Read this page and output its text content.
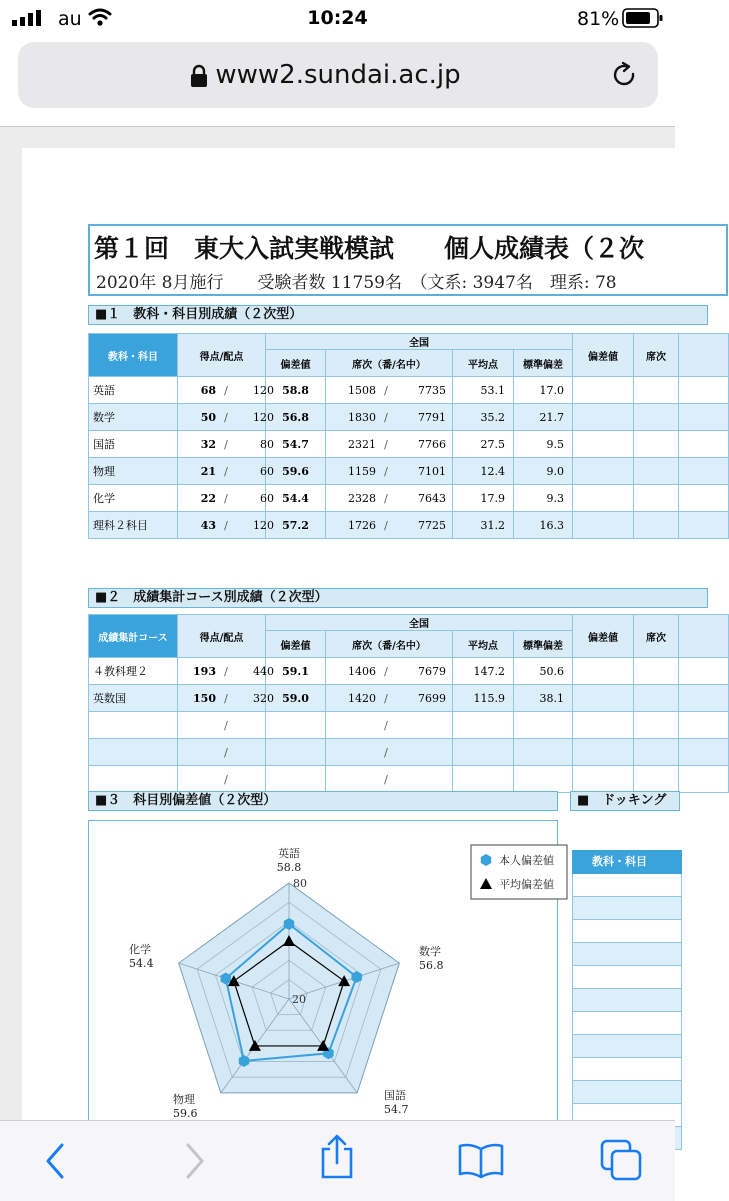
au	10:24	81%
www2.sundai.ac.jp
第１回　東大入試実戦模試　　個人成績表（２次
2020年 8月施行　　受験者数 11759名　（文系: 3947名　理系: 78
■１　教科・科目別成績（２次型）
教科・科目	得点/配点	全国				偏差値	席次	
		偏差値	席次（番/名中）	平均点	標準偏差			
英語	68 / 120	58.8	1508 / 7735	53.1	17.0			
数学	50 / 120	56.8	1830 / 7791	35.2	21.7			
国語	32 / 80	54.7	2321 / 7766	27.5	9.5			
物理	21 / 60	59.6	1159 / 7101	12.4	9.0			
化学	22 / 60	54.4	2328 / 7643	17.9	9.3			
理科２科目	43 / 120	57.2	1726 / 7725	31.2	16.3			
■２　成績集計コース別成績（２次型）
成績集計コース	得点/配点	全国				偏差値	席次	
		偏差値	席次（番/名中）	平均点	標準偏差			
４教科理２	193 / 440	59.1	1406 / 7679	147.2	50.6			
英数国	150 / 320	59.0	1420 / 7699	115.9	38.1			
	/		/					
	/		/					
	/		/					
■３　科目別偏差値（２次型）
80
20
英語
58.8
数学
56.8
国語
54.7
物理
59.6
化学
54.4
本人偏差値
平均偏差値
■　ドッキング
教科・科目
